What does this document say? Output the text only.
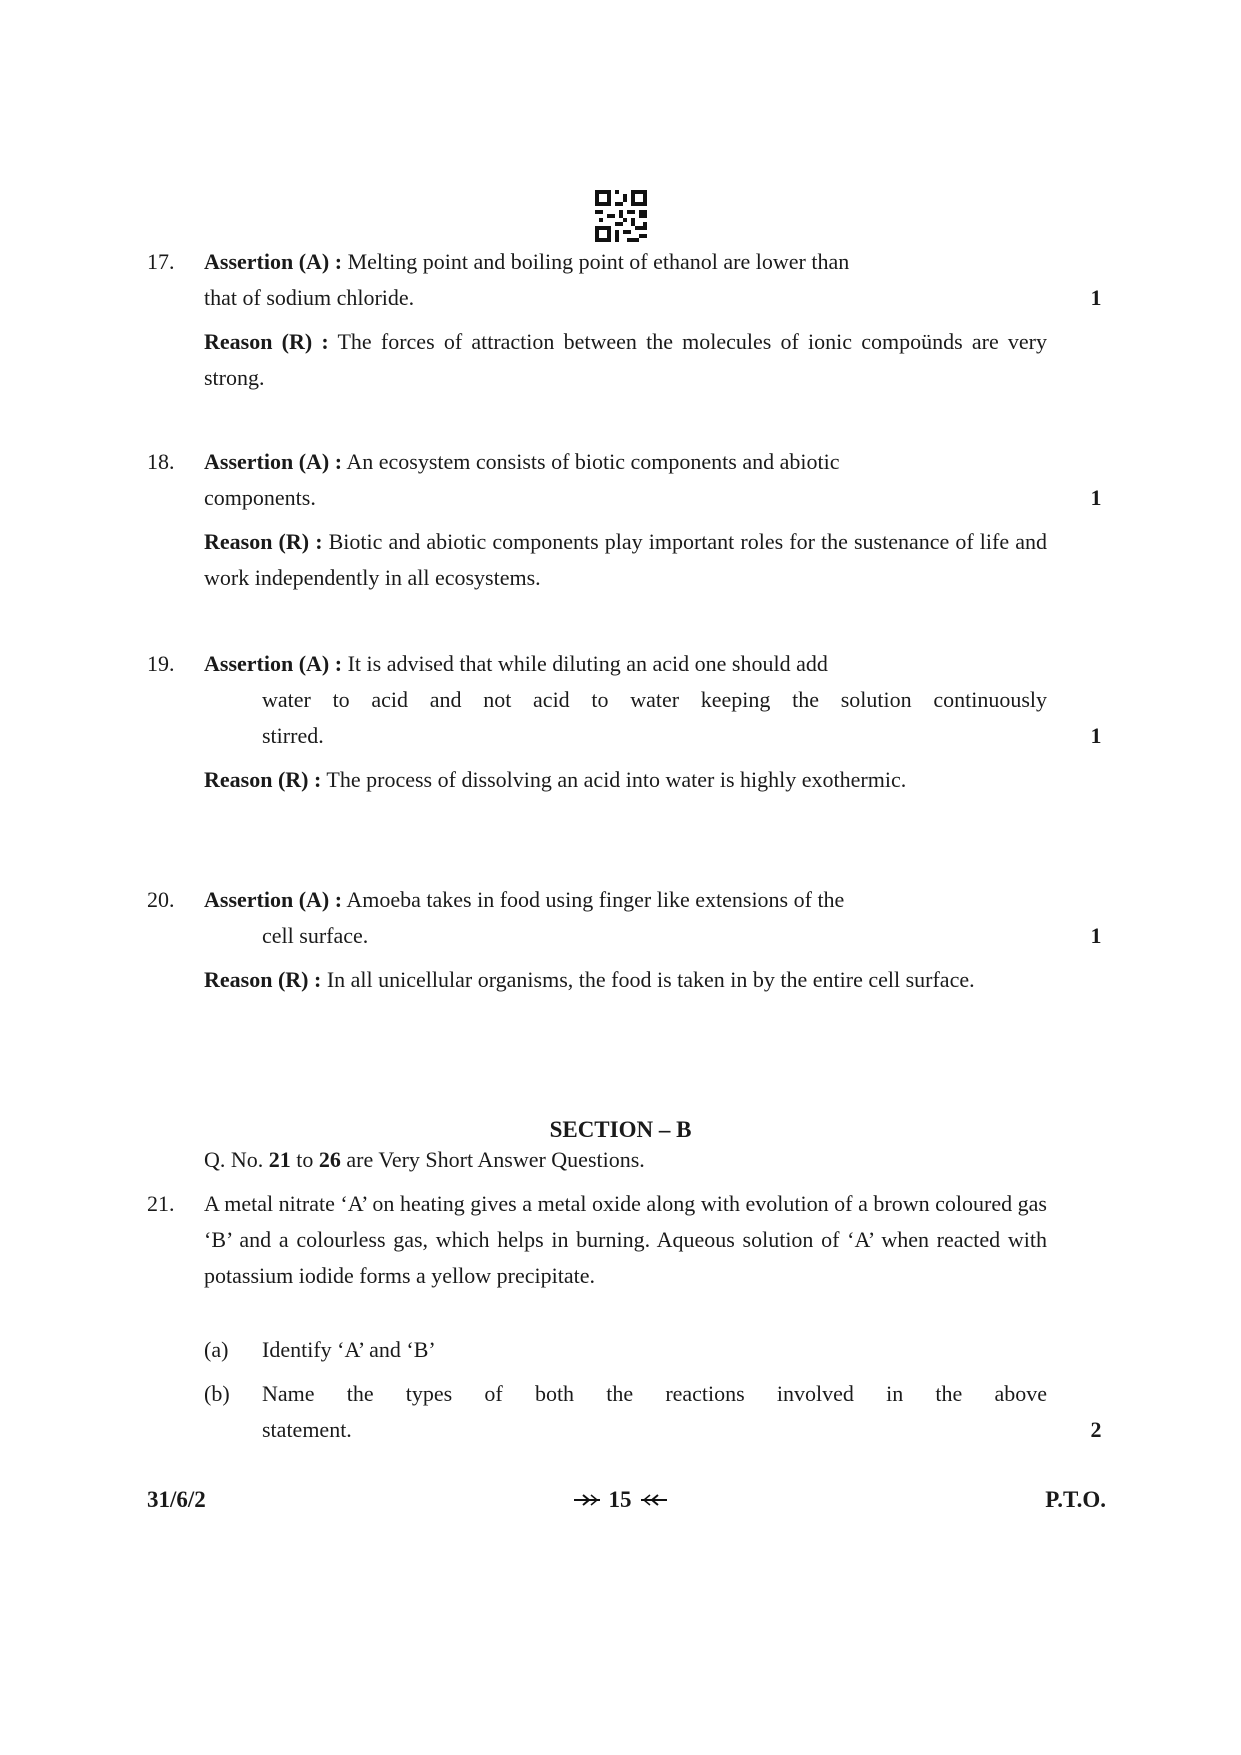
17.	Assertion (A) : Melting point and boiling point of ethanol are lower than
that of sodium chloride.	1
Reason (R) : The forces of attraction between the molecules of ionic compoünds are very strong.
18.	Assertion (A) : An ecosystem consists of biotic components and abiotic
components.	1
Reason (R) : Biotic and abiotic components play important roles for the sustenance of life and work independently in all ecosystems.
19.	Assertion (A) : It is advised that while diluting an acid one should add

water to acid and not acid to water keeping the solution continuously
stirred.	1
Reason (R) : The process of dissolving an acid into water is highly exothermic.
20.	Assertion (A) : Amoeba takes in food using finger like extensions of the

cell surface.	1
Reason (R) : In all unicellular organisms, the food is taken in by the entire cell surface.
SECTION – B
Q. No. 21 to 26 are Very Short Answer Questions.
21.	A metal nitrate ‘A’ on heating gives a metal oxide along with evolution of a brown coloured gas ‘B’ and a colourless gas, which helps in burning. Aqueous solution of ‘A’ when reacted with potassium iodide forms a yellow precipitate.
(a)	Identify ‘A’ and ‘B’
(b)	Name the types of both the reactions involved in the above
statement.	2
31/6/2	15	P.T.O.
